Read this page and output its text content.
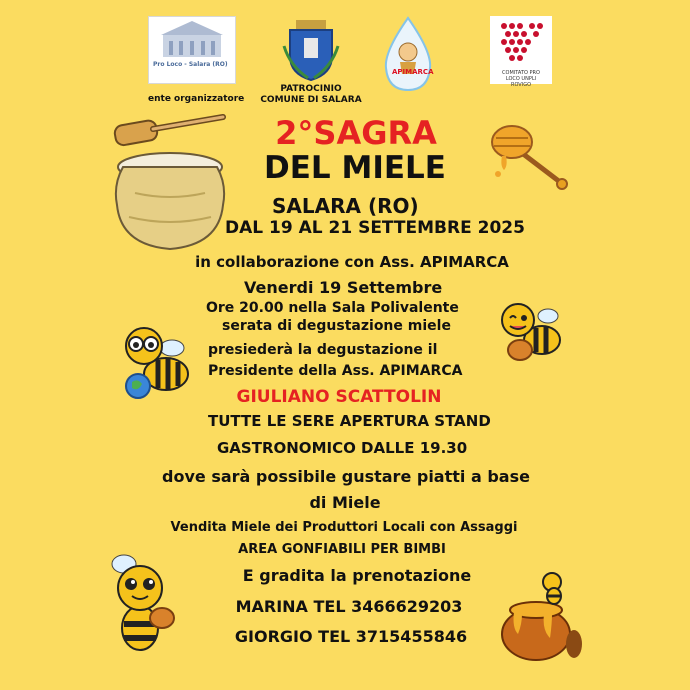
Pro Loco - Salara (RO)
ente organizzatore
PATROCINIO
COMUNE DI SALARA
APIMARCA	COMITATO PRO LOCO UNPLI ROVIGO
2°SAGRA
DEL MIELE
SALARA (RO)
DAL 19 AL 21 SETTEMBRE 2025
in collaborazione con Ass. APIMARCA
Venerdi 19 Settembre
Ore 20.00 nella Sala Polivalente
serata di degustazione miele
presiederà la degustazione il
Presidente della Ass. APIMARCA
GIULIANO SCATTOLIN
TUTTE LE SERE APERTURA STAND
GASTRONOMICO DALLE 19.30
dove sarà possibile gustare piatti a base
di Miele
Vendita Miele dei Produttori Locali con Assaggi
AREA GONFIABILI PER BIMBI
E gradita la prenotazione
MARINA TEL 3466629203
GIORGIO TEL 3715455846
